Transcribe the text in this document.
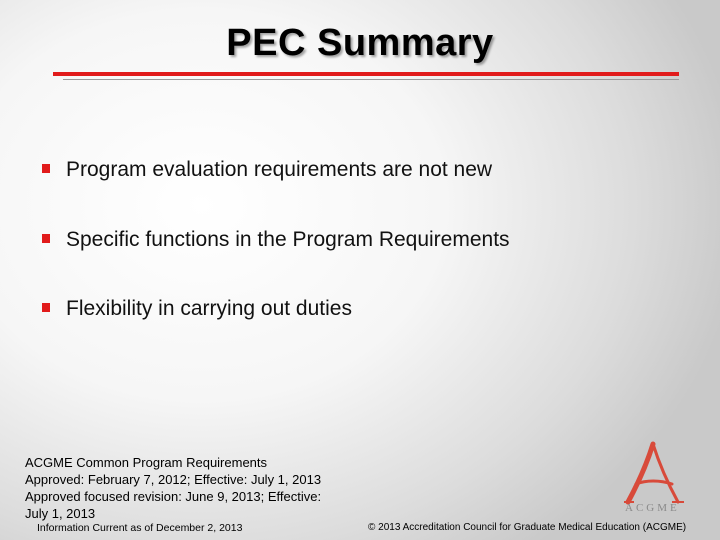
PEC Summary
Program evaluation requirements are not new
Specific functions in the Program Requirements
Flexibility in carrying out duties
ACGME Common Program Requirements
Approved: February 7, 2012; Effective: July 1, 2013
Approved focused revision: June 9, 2013; Effective:
July 1, 2013
Information Current as of December 2, 2013	© 2013 Accreditation Council for Graduate Medical Education (ACGME)
ACGME
